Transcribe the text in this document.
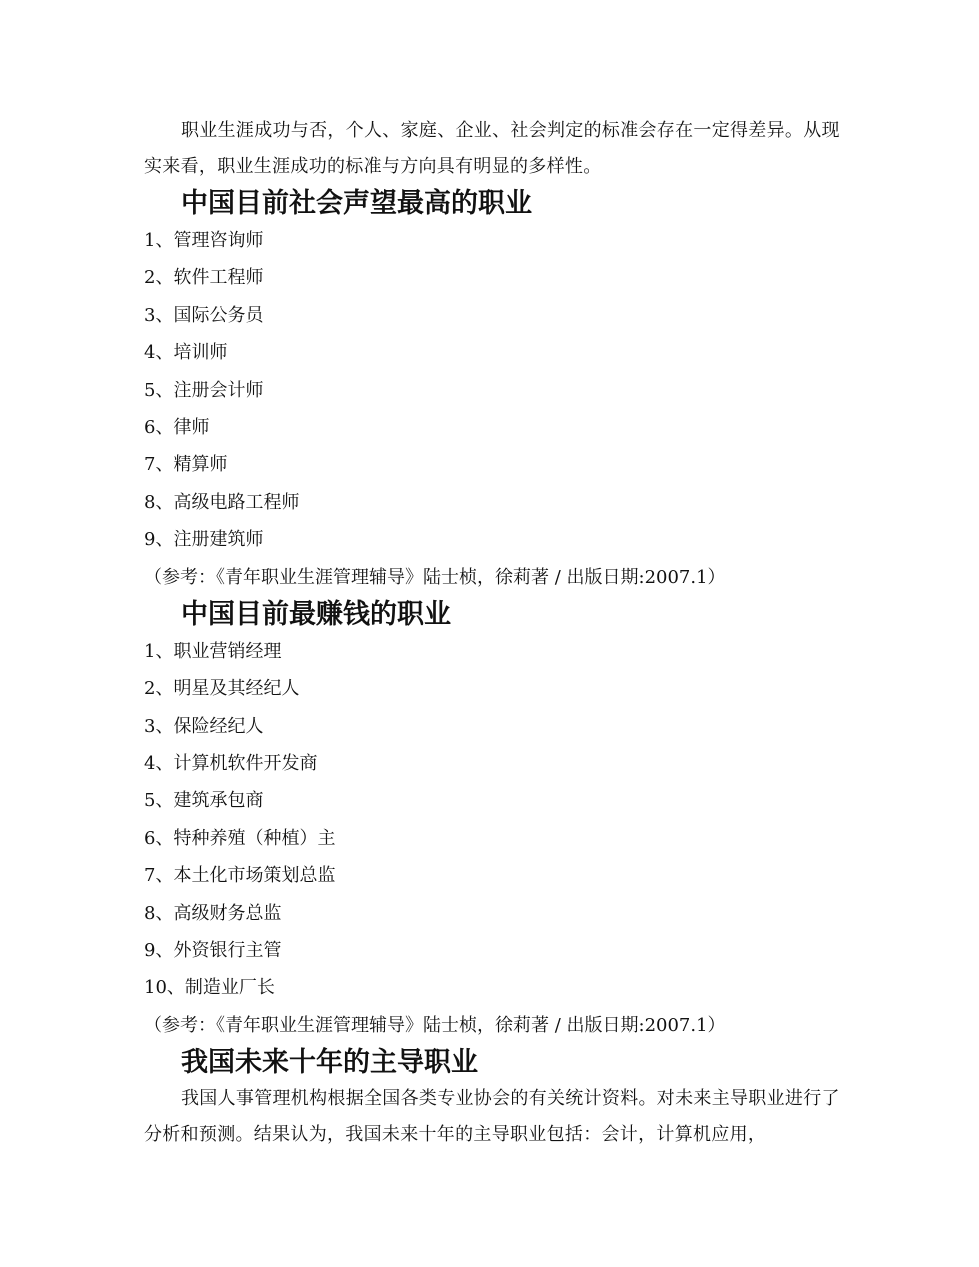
职业生涯成功与否，个人、家庭、企业、社会判定的标准会存在一定得差异。从现实来看，职业生涯成功的标准与方向具有明显的多样性。

中国目前社会声望最高的职业
1、管理咨询师
2、软件工程师
3、国际公务员
4、培训师
5、注册会计师
6、律师
7、精算师
8、高级电路工程师
9、注册建筑师

（参考：《青年职业生涯管理辅导》陆士桢，徐莉著 / 出版日期:2007.1）

中国目前最赚钱的职业
1、职业营销经理
2、明星及其经纪人
3、保险经纪人
4、计算机软件开发商
5、建筑承包商
6、特种养殖（种植）主
7、本土化市场策划总监
8、高级财务总监
9、外资银行主管
10、制造业厂长

（参考：《青年职业生涯管理辅导》陆士桢，徐莉著 / 出版日期:2007.1）

我国未来十年的主导职业

我国人事管理机构根据全国各类专业协会的有关统计资料。对未来主导职业进行了分析和预测。结果认为，我国未来十年的主导职业包括：会计，计算机应用，
